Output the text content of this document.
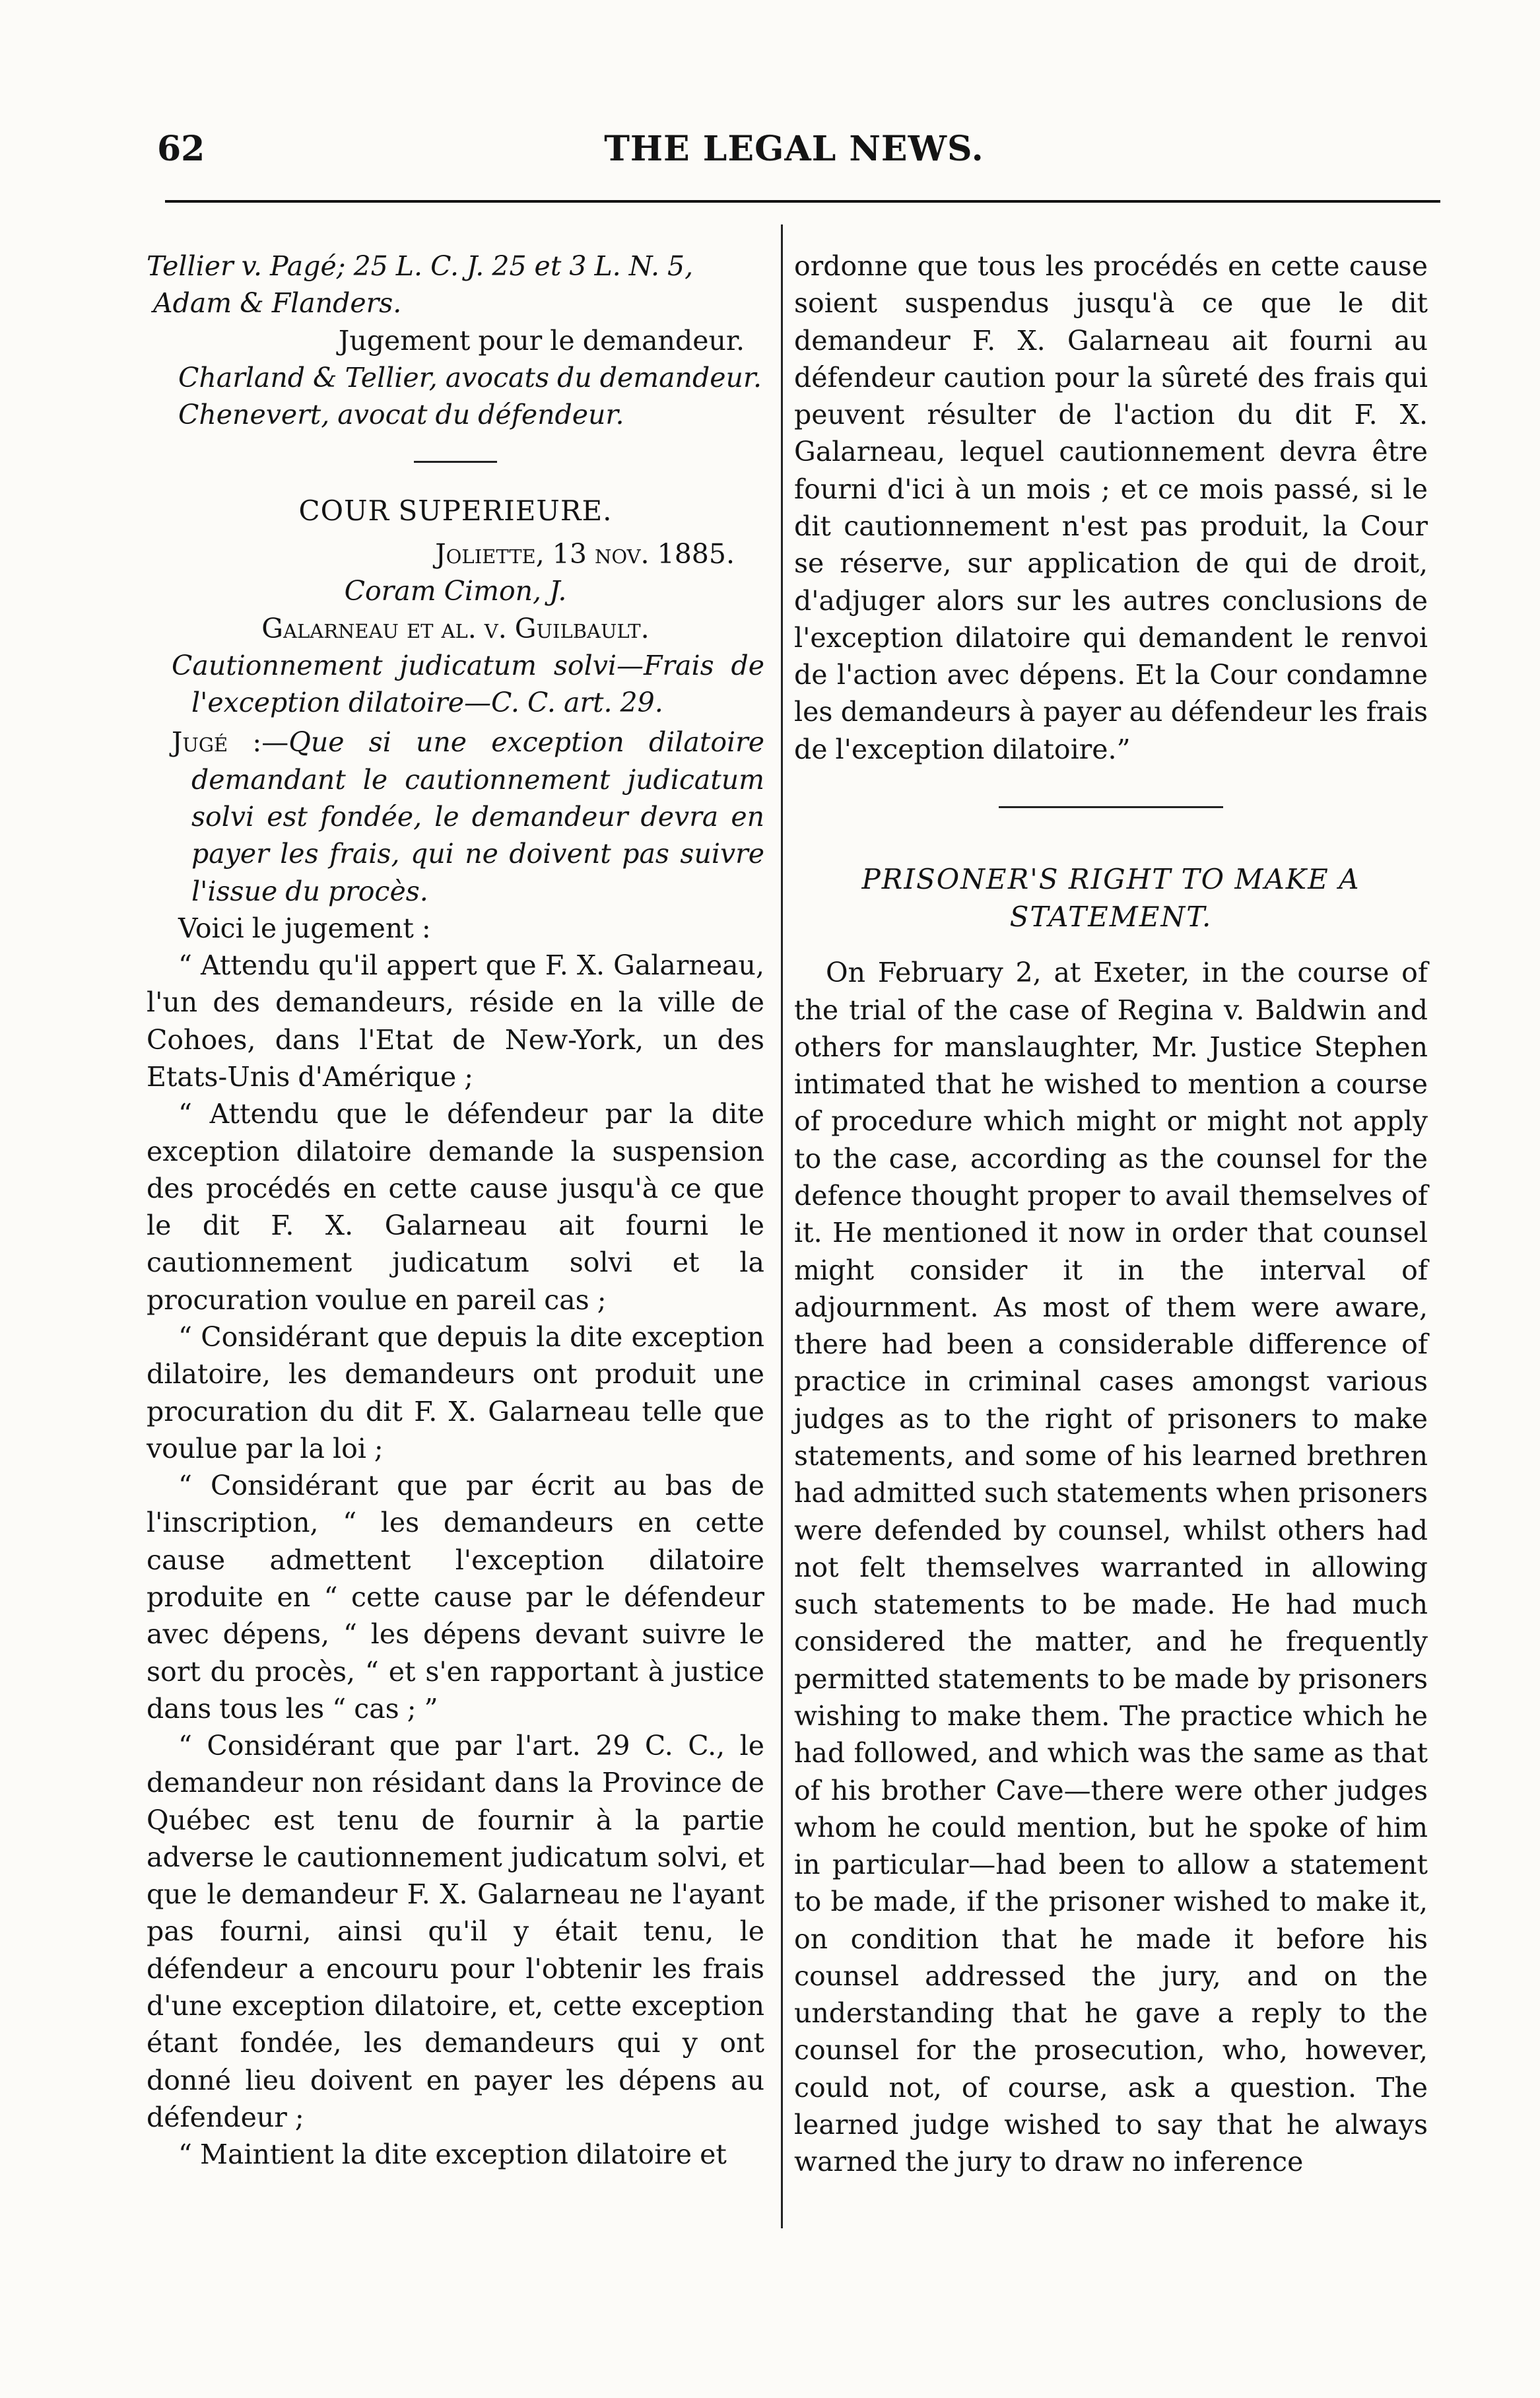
62	THE LEGAL NEWS.

Tellier v. Pagé; 25 L. C. J. 25 et 3 L. N. 5,

Adam & Flanders.

Jugement pour le demandeur.

Charland & Tellier, avocats du demandeur.

Chenevert, avocat du défendeur.

COUR SUPERIEURE.

Joliette, 13 nov. 1885.

Coram Cimon, J.

Galarneau et al. v. Guilbault.

Cautionnement judicatum solvi—Frais de l'exception dilatoire—C. C. art. 29.

Jugé :—Que si une exception dilatoire demandant le cautionnement judicatum solvi est fondée, le demandeur devra en payer les frais, qui ne doivent pas suivre l'issue du procès.

Voici le jugement :

“ Attendu qu'il appert que F. X. Galarneau, l'un des demandeurs, réside en la ville de Cohoes, dans l'Etat de New-York, un des Etats-Unis d'Amérique ;

“ Attendu que le défendeur par la dite exception dilatoire demande la suspension des procédés en cette cause jusqu'à ce que le dit F. X. Galarneau ait fourni le cautionnement judicatum solvi et la procuration voulue en pareil cas ;

“ Considérant que depuis la dite exception dilatoire, les demandeurs ont produit une procuration du dit F. X. Galarneau telle que voulue par la loi ;

“ Considérant que par écrit au bas de l'inscription, “ les demandeurs en cette cause admettent l'exception dilatoire produite en “ cette cause par le défendeur avec dépens, “ les dépens devant suivre le sort du procès, “ et s'en rapportant à justice dans tous les “ cas ; ”

“ Considérant que par l'art. 29 C. C., le demandeur non résidant dans la Province de Québec est tenu de fournir à la partie adverse le cautionnement judicatum solvi, et que le demandeur F. X. Galarneau ne l'ayant pas fourni, ainsi qu'il y était tenu, le défendeur a encouru pour l'obtenir les frais d'une exception dilatoire, et, cette exception étant fondée, les demandeurs qui y ont donné lieu doivent en payer les dépens au défendeur ;

“ Maintient la dite exception dilatoire et

ordonne que tous les procédés en cette cause soient suspendus jusqu'à ce que le dit demandeur F. X. Galarneau ait fourni au défendeur caution pour la sûreté des frais qui peuvent résulter de l'action du dit F. X. Galarneau, lequel cautionnement devra être fourni d'ici à un mois ; et ce mois passé, si le dit cautionnement n'est pas produit, la Cour se réserve, sur application de qui de droit, d'adjuger alors sur les autres conclusions de l'exception dilatoire qui demandent le renvoi de l'action avec dépens. Et la Cour condamne les demandeurs à payer au défendeur les frais de l'exception dilatoire.”

PRISONER'S RIGHT TO MAKE A
STATEMENT.

On February 2, at Exeter, in the course of the trial of the case of Regina v. Baldwin and others for manslaughter, Mr. Justice Stephen intimated that he wished to mention a course of procedure which might or might not apply to the case, according as the counsel for the defence thought proper to avail themselves of it. He mentioned it now in order that counsel might consider it in the interval of adjournment. As most of them were aware, there had been a considerable difference of practice in criminal cases amongst various judges as to the right of prisoners to make statements, and some of his learned brethren had admitted such statements when prisoners were defended by counsel, whilst others had not felt themselves warranted in allowing such statements to be made. He had much considered the matter, and he frequently permitted statements to be made by prisoners wishing to make them. The practice which he had followed, and which was the same as that of his brother Cave—there were other judges whom he could mention, but he spoke of him in particular—had been to allow a statement to be made, if the prisoner wished to make it, on condition that he made it before his counsel addressed the jury, and on the understanding that he gave a reply to the counsel for the prosecution, who, however, could not, of course, ask a question. The learned judge wished to say that he always warned the jury to draw no inference
